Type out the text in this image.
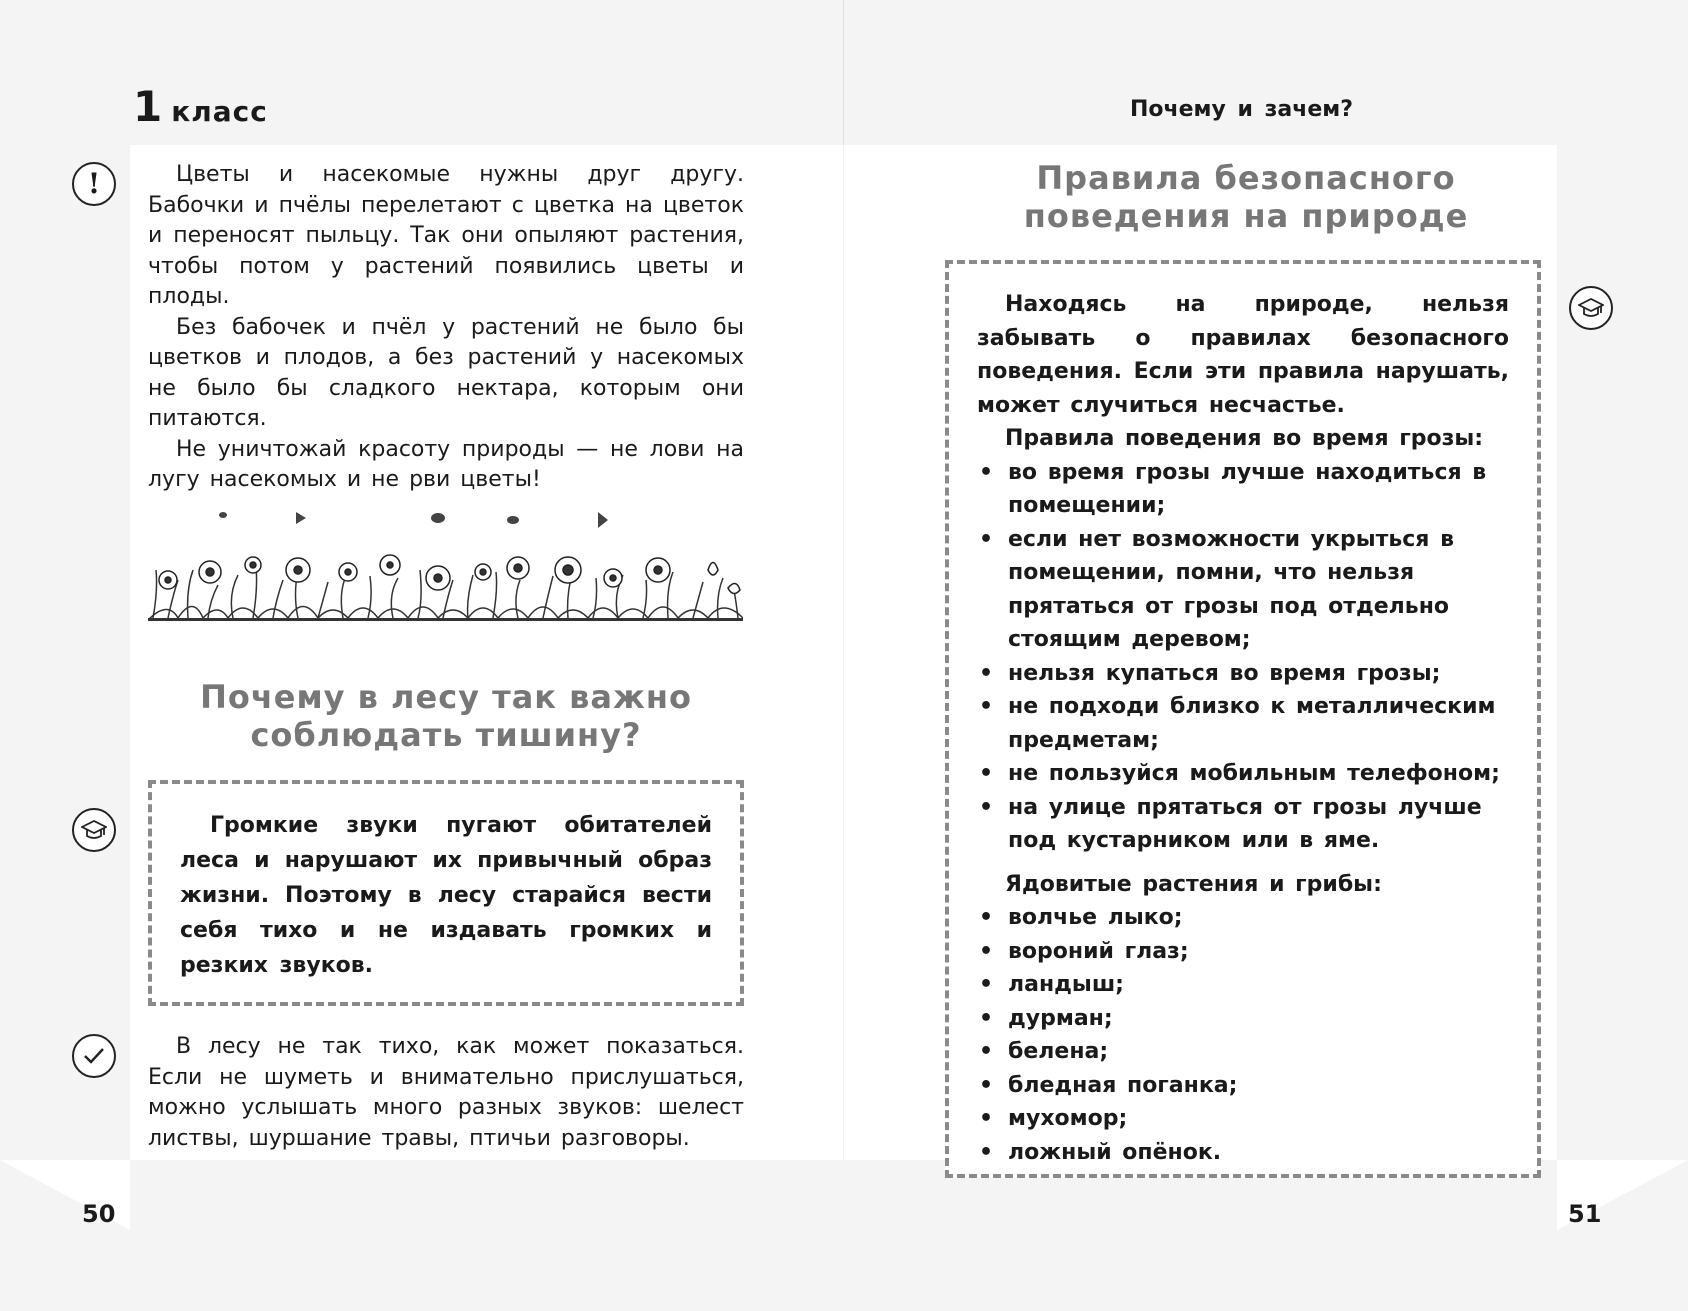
1 класс	Почему и зачем?
!	Цветы и насекомые нужны друг другу. Бабочки и пчёлы перелетают с цветка на цветок и переносят пыльцу. Так они опыляют растения, чтобы потом у растений появились цветы и плоды.

Без бабочек и пчёл у растений не было бы цветков и плодов, а без растений у насекомых не было бы сладкого нектара, которым они питаются.

Не уничтожай красоту природы — не лови на лугу насекомых и не рви цветы!

Почему в лесу так важно
соблюдать тишину?
Громкие звуки пугают обитателей леса и нарушают их привычный образ жизни. Поэтому в лесу старайся вести себя тихо и не издавать громких и резких звуков.

В лесу не так тихо, как может показаться. Если не шуметь и внимательно прислушаться, можно услышать много разных звуков: шелест листвы, шуршание травы, птичьи разговоры.

50
Правила безопасного
поведения на природе

Находясь на природе, нельзя забывать о правилах безопасного поведения. Если эти правила нарушать, может случиться несчастье.

Правила поведения во время грозы:

• во время грозы лучше находиться в помещении;
• если нет возможности укрыться в помещении, помни, что нельзя прятаться от грозы под отдельно стоящим деревом;
• нельзя купаться во время грозы;
• не подходи близко к металлическим предметам;
• не пользуйся мобильным телефоном;
• на улице прятаться от грозы лучше под кустарником или в яме.

Ядовитые растения и грибы:

• волчье лыко;
• вороний глаз;
• ландыш;
• дурман;
• белена;
• бледная поганка;
• мухомор;
• ложный опёнок.
51
